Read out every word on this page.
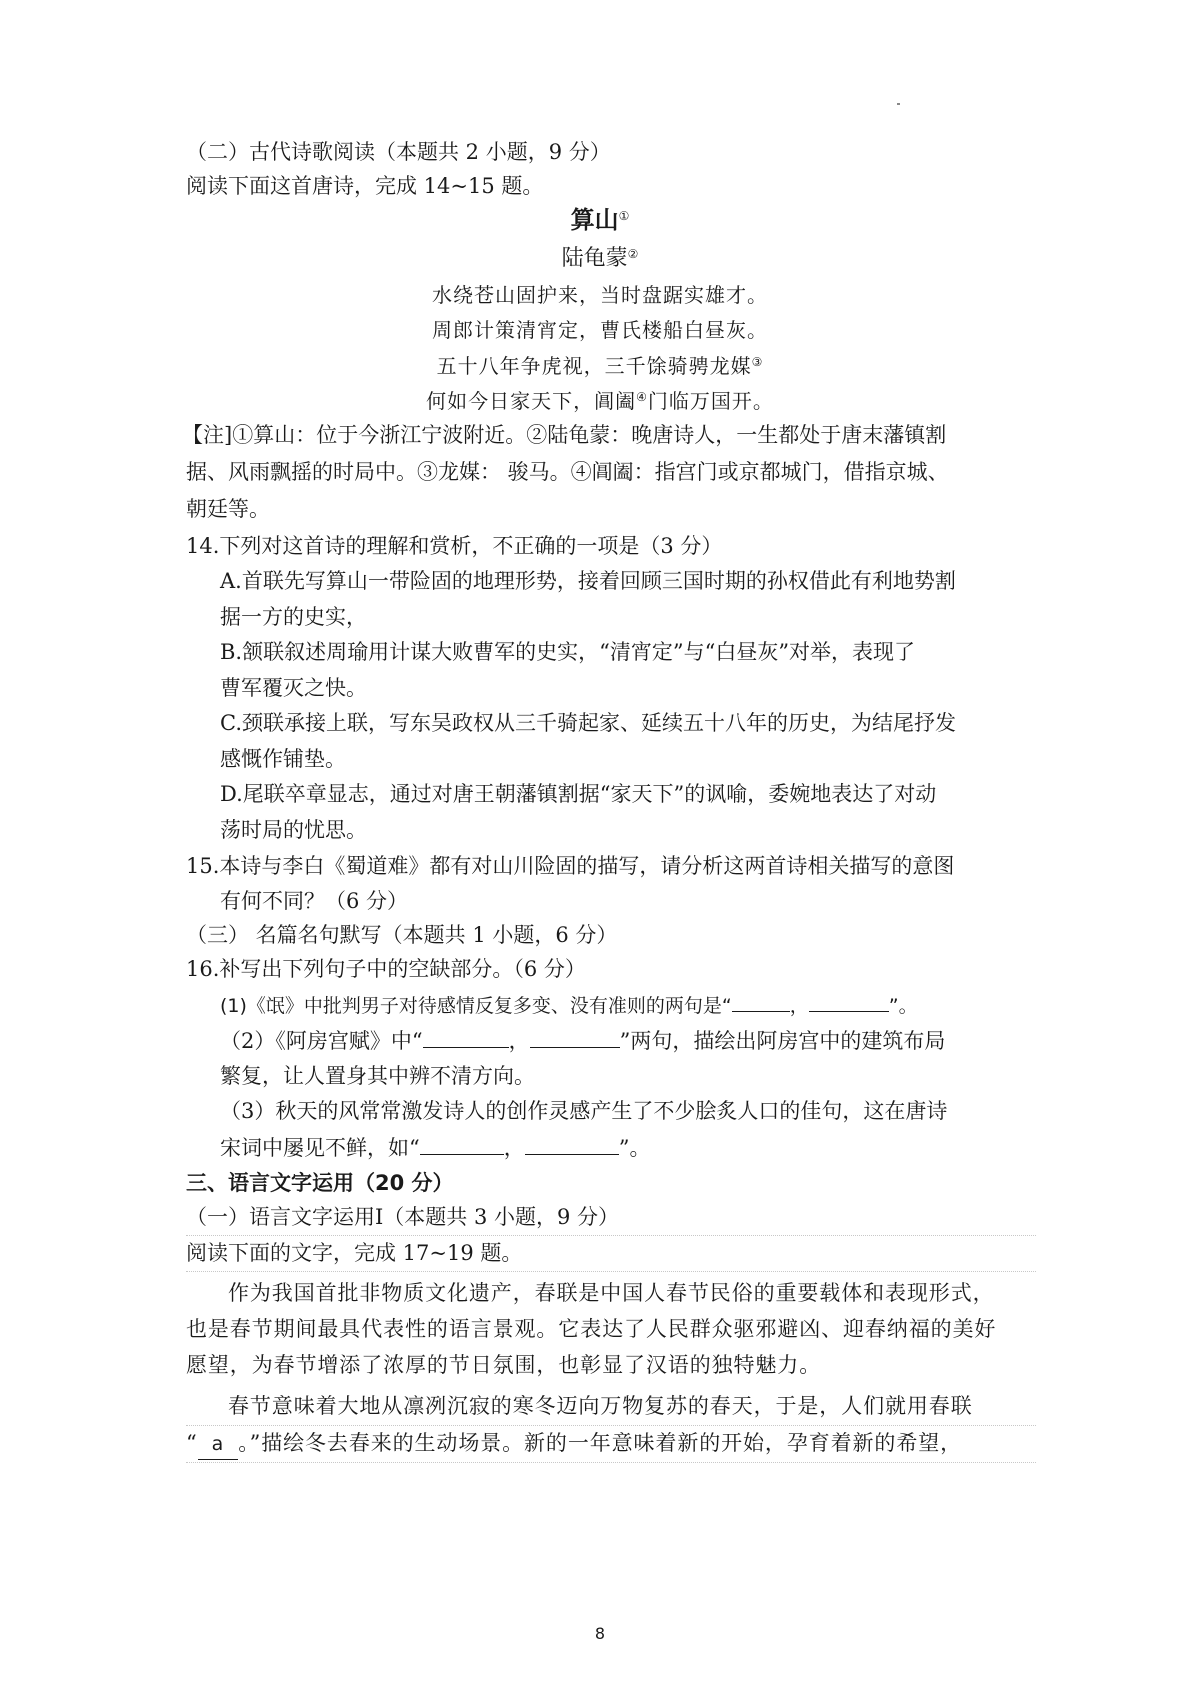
（二）古代诗歌阅读（本题共 2 小题，9 分）
阅读下面这首唐诗，完成 14~15 题。
算山①
陆龟蒙②
水绕苍山固护来，当时盘踞实雄才。
周郎计策清宵定，曹氏楼船白昼灰。
五十八年争虎视，三千馀骑骋龙媒③
何如今日家天下，阊阖④门临万国开。
【注]①算山：位于今浙江宁波附近。②陆龟蒙：晚唐诗人，一生都处于唐末藩镇割
据、风雨飘摇的时局中。③龙媒： 骏马。④阊阖：指宫门或京都城门，借指京城、
朝廷等。
14.下列对这首诗的理解和赏析，不正确的一项是（3 分）
A.首联先写算山一带险固的地理形势，接着回顾三国时期的孙权借此有利地势割
据一方的史实，
B.颔联叙述周瑜用计谋大败曹军的史实，“清宵定”与“白昼灰”对举，表现了
曹军覆灭之快。
C.颈联承接上联，写东吴政权从三千骑起家、延续五十八年的历史，为结尾抒发
感慨作铺垫。
D.尾联卒章显志，通过对唐王朝藩镇割据“家天下”的讽喻，委婉地表达了对动
荡时局的忧思。
15.本诗与李白《蜀道难》都有对山川险固的描写，请分析这两首诗相关描写的意图
有何不同？（6 分）
（三） 名篇名句默写（本题共 1 小题，6 分）
16.补写出下列句子中的空缺部分。（6 分）
(1)《氓》中批判男子对待感情反复多变、没有准则的两句是“	，	”。
（2）《阿房宫赋》中“	，	”两句，描绘出阿房宫中的建筑布局
繁复，让人置身其中辨不清方向。
（3）秋天的风常常激发诗人的创作灵感产生了不少脍炙人口的佳句，这在唐诗
宋词中屡见不鲜，如“	，	”。
三、语言文字运用（20 分）
（一）语言文字运用Ⅰ（本题共 3 小题，9 分）
阅读下面的文字，完成 17~19 题。
作为我国首批非物质文化遗产，春联是中国人春节民俗的重要载体和表现形式，
也是春节期间最具代表性的语言景观。它表达了人民群众驱邪避凶、迎春纳福的美好
愿望，为春节增添了浓厚的节日氛围，也彰显了汉语的独特魅力。
春节意味着大地从凛冽沉寂的寒冬迈向万物复苏的春天，于是，人们就用春联
“ a 。”描绘冬去春来的生动场景。新的一年意味着新的开始，孕育着新的希望，
8
